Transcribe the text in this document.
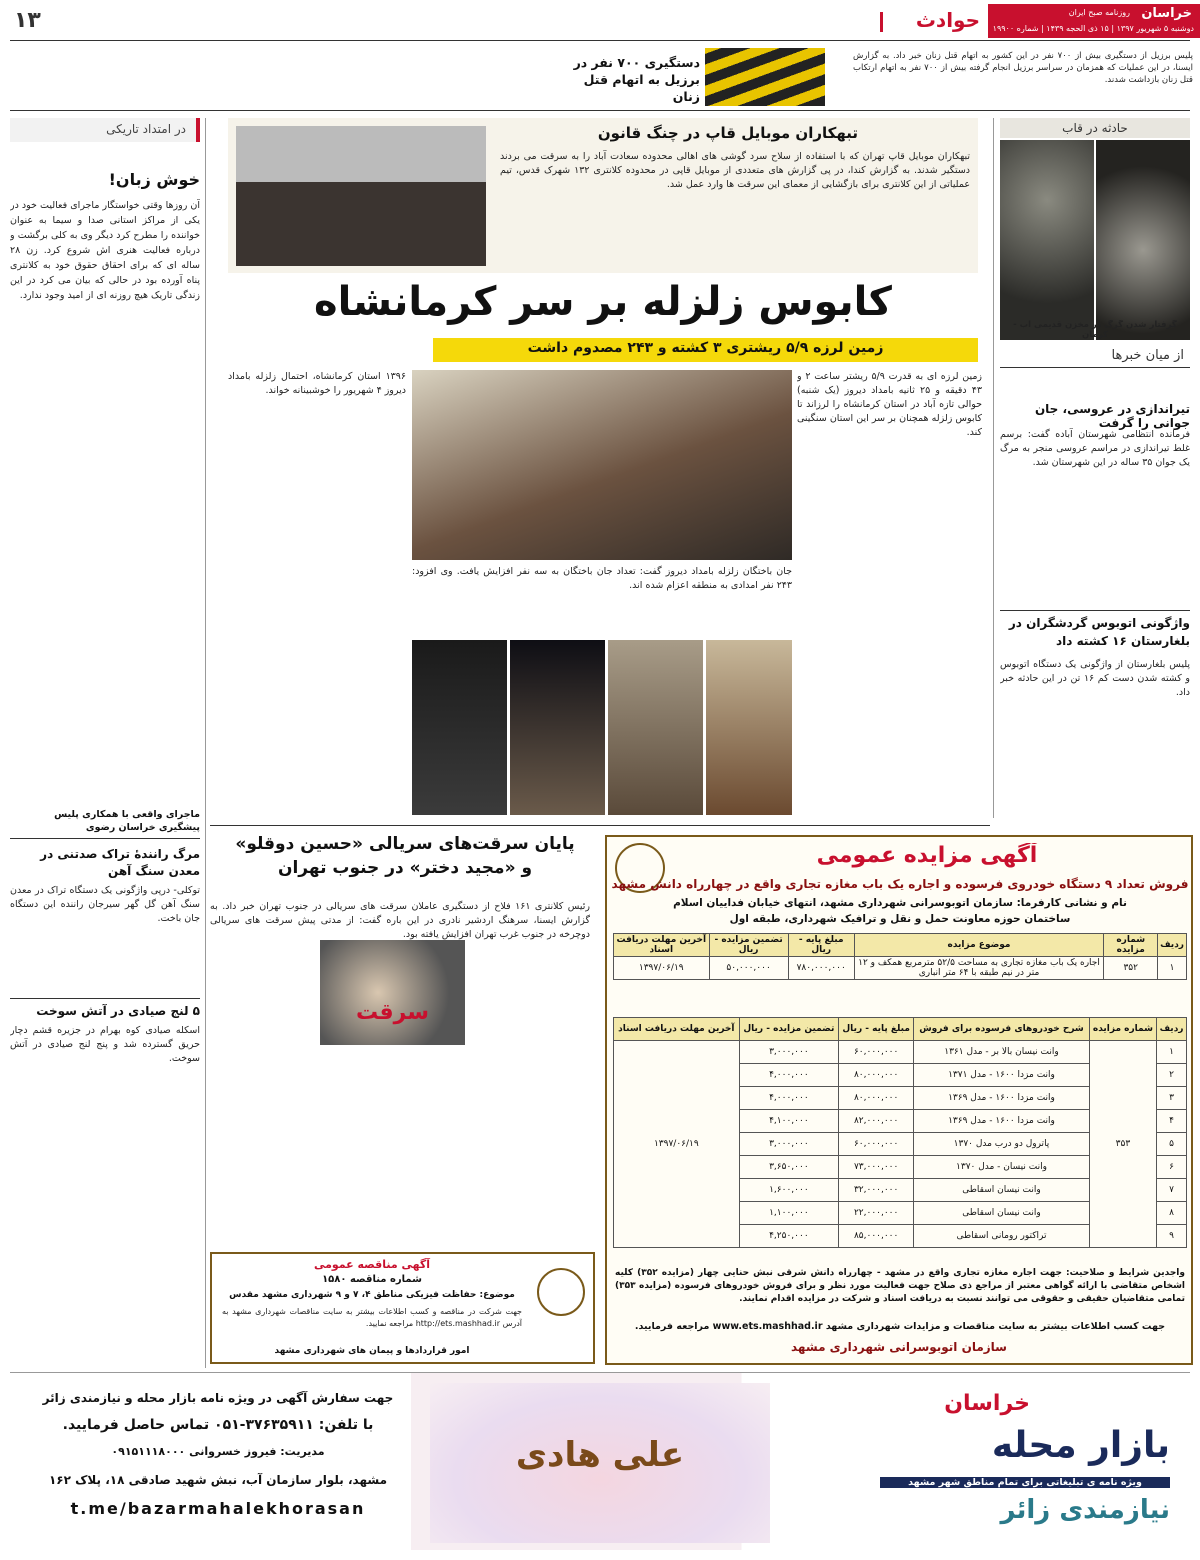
۱۳	حوادث	خراسان
روزنامه صبح ایران
دوشنبه ۵ شهریور ۱۳۹۷ | ۱۵ ذی الحجه ۱۴۳۹ | شماره ۱۹۹۰۰
پلیس برزیل از دستگیری بیش از ۷۰۰ نفر در این کشور به اتهام قتل زنان خبر داد. به گزارش ایسنا، در این عملیات که همزمان در سراسر برزیل انجام گرفته بیش از ۷۰۰ نفر به اتهام ارتکاب قتل زنان بازداشت شدند.
دستگیری ۷۰۰ نفر در برزیل به اتهام قتل زنان
در امتداد تاریکی
خوش زبان!
آن روزها وقتی خواستگار ماجرای فعالیت خود در یکی از مراکز استانی صدا و سیما به عنوان خواننده را مطرح کرد دیگر وی به کلی برگشت و درباره فعالیت هنری اش شروع کرد. زن ۲۸ ساله ای که برای احقاق حقوق خود به کلانتری پناه آورده بود در حالی که بیان می کرد در این زندگی تاریک هیچ روزنه ای از امید وجود ندارد.
ماجرای واقعی با همکاری پلیس پیشگیری خراسان رضوی
مرگ رانندهٔ تراک صدتنی در معدن سنگ آهن
توکلی- درپی واژگونی یک دستگاه تراک در معدن سنگ آهن گل گهر سیرجان راننده این دستگاه جان باخت.
۵ لنج صیادی در آتش سوخت
اسکله صیادی کوه بهرام در جزیره قشم دچار حریق گسترده شد و پنج لنج صیادی در آتش سوخت.
حادثه در قاب
گرفتار شدن گرگ در مخزن قدیمی آب - کرمان
از میان خبرها
تیراندازی در عروسی، جان جوانی را گرفت
فرمانده انتظامی شهرستان آباده گفت: برسم غلط تیراندازی در مراسم عروسی منجر به مرگ یک جوان ۳۵ ساله در این شهرستان شد.
واژگونی اتوبوس گردشگران در بلغارستان ۱۶ کشته داد
پلیس بلغارستان از واژگونی یک دستگاه اتوبوس و کشته شدن دست کم ۱۶ تن در این حادثه خبر داد.
تبهکاران موبایل قاپ در چنگ قانون
تبهکاران موبایل قاپ تهران که با استفاده از سلاح سرد گوشی های اهالی محدوده سعادت آباد را به سرقت می بردند دستگیر شدند. به گزارش کندا، در پی گزارش های متعددی از موبایل قاپی در محدوده کلانتری ۱۳۲ شهرک قدس، تیم عملیاتی از این کلانتری برای بازگشایی از معمای این سرقت ها وارد عمل شد.
کابوس زلزله بر سر کرمانشاه
زمین لرزه ۵/۹ ریشتری ۳ کشته و ۲۴۳ مصدوم داشت
زمین لرزه ای به قدرت ۵/۹ ریشتر ساعت ۲ و ۴۳ دقیقه و ۲۵ ثانیه بامداد دیروز (یک شنبه) حوالی تازه آباد در استان کرمانشاه را لرزاند تا کابوس زلزله همچنان بر سر این استان سنگینی کند.
جان باختگان زلزله بامداد دیروز گفت: تعداد جان باختگان به سه نفر افزایش یافت. وی افزود: ۲۴۳ نفر امدادی به منطقه اعزام شده اند.
۱۳۹۶ استان کرمانشاه، احتمال زلزله بامداد دیروز ۴ شهریور را خوشبینانه خواند.
پایان سرقت‌های سریالی «حسین دوقلو» و «مجید دختر» در جنوب تهران
رئیس کلانتری ۱۶۱ فلاح از دستگیری عاملان سرقت های سریالی در جنوب تهران خبر داد. به گزارش ایسنا، سرهنگ اردشیر نادری در این باره گفت: از مدتی پیش سرقت های سریالی دوچرخه در جنوب غرب تهران افزایش یافته بود.
سرقت
آگهی مناقصه عمومی
شماره مناقصه ۱۵۸۰
موضوع: حفاظت فیزیکی مناطق ۴، ۷ و ۹ شهرداری مشهد مقدس
جهت شرکت در مناقصه و کسب اطلاعات بیشتر به سایت مناقصات شهرداری مشهد به آدرس http://ets.mashhad.ir مراجعه نمایید.
امور قراردادها و پیمان های شهرداری مشهد
آگهی مزایده عمومی
فروش تعداد ۹ دستگاه خودروی فرسوده و اجاره یک باب مغازه تجاری واقع در چهارراه دانش مشهد
نام و نشانی کارفرما: سازمان اتوبوسرانی شهرداری مشهد، انتهای خیابان فداییان اسلام
ساختمان حوزه معاونت حمل و نقل و ترافیک شهرداری، طبقه اول
ردیف	شماره مزایده	موضوع مزایده	مبلغ پایه - ریال	تضمین مزایده - ریال	آخرین مهلت دریافت اسناد
۱	۳۵۲	اجاره یک باب مغازه تجاری به مساحت ۵۲/۵ مترمربع همکف و ۱۲ متر در نیم طبقه با ۶۴ متر انباری	۷۸۰,۰۰۰,۰۰۰	۵۰,۰۰۰,۰۰۰	۱۳۹۷/۰۶/۱۹
ردیف	شماره مزایده	شرح خودروهای فرسوده برای فروش	مبلغ پایه - ریال	تضمین مزایده - ریال	آخرین مهلت دریافت اسناد
۱	۳۵۳	وانت نیسان بالا بر - مدل ۱۳۶۱	۶۰,۰۰۰,۰۰۰	۳,۰۰۰,۰۰۰	۱۳۹۷/۰۶/۱۹
۲		وانت مزدا ۱۶۰۰ - مدل ۱۳۷۱	۸۰,۰۰۰,۰۰۰	۴,۰۰۰,۰۰۰	
۳		وانت مزدا ۱۶۰۰ - مدل ۱۳۶۹	۸۰,۰۰۰,۰۰۰	۴,۰۰۰,۰۰۰	
۴		وانت مزدا ۱۶۰۰ - مدل ۱۳۶۹	۸۲,۰۰۰,۰۰۰	۴,۱۰۰,۰۰۰	
۵		پاترول دو درب مدل ۱۳۷۰	۶۰,۰۰۰,۰۰۰	۳,۰۰۰,۰۰۰	
۶		وانت نیسان - مدل ۱۳۷۰	۷۳,۰۰۰,۰۰۰	۳,۶۵۰,۰۰۰	
۷		وانت نیسان اسقاطی	۳۲,۰۰۰,۰۰۰	۱,۶۰۰,۰۰۰	
۸		وانت نیسان اسقاطی	۲۲,۰۰۰,۰۰۰	۱,۱۰۰,۰۰۰	
۹		تراکتور رومانی اسقاطی	۸۵,۰۰۰,۰۰۰	۴,۲۵۰,۰۰۰	
واجدین شرایط و صلاحیت: جهت اجاره مغازه تجاری واقع در مشهد - چهارراه دانش شرقی نبش حنایی چهار (مزایده ۳۵۲) کلیه اشخاص متقاضی با ارائه گواهی معتبر از مراجع ذی صلاح جهت فعالیت مورد نظر و برای فروش خودروهای فرسوده (مزایده ۳۵۳) تمامی متقاضیان حقیقی و حقوقی می توانند نسبت به دریافت اسناد و شرکت در مزایده اقدام نمایند.
جهت کسب اطلاعات بیشتر به سایت مناقصات و مزایدات شهرداری مشهد www.ets.mashhad.ir مراجعه فرمایید.
سازمان اتوبوسرانی شهرداری مشهد
خراسان
بازار محله
ویژه نامه ی تبلیغاتی برای تمام مناطق شهر مشهد
نیازمندی زائر
علی هادی
جهت سفارش آگهی در ویژه نامه بازار محله و نیازمندی زائر
با تلفن: ۳۷۶۳۵۹۱۱-۰۵۱ تماس حاصل فرمایید.
مدیریت: فیروز خسروانی ۰۹۱۵۱۱۱۸۰۰۰
مشهد، بلوار سازمان آب، نبش شهید صادقی ۱۸، پلاک ۱۶۲
t.me/bazarmahalekhorasan
